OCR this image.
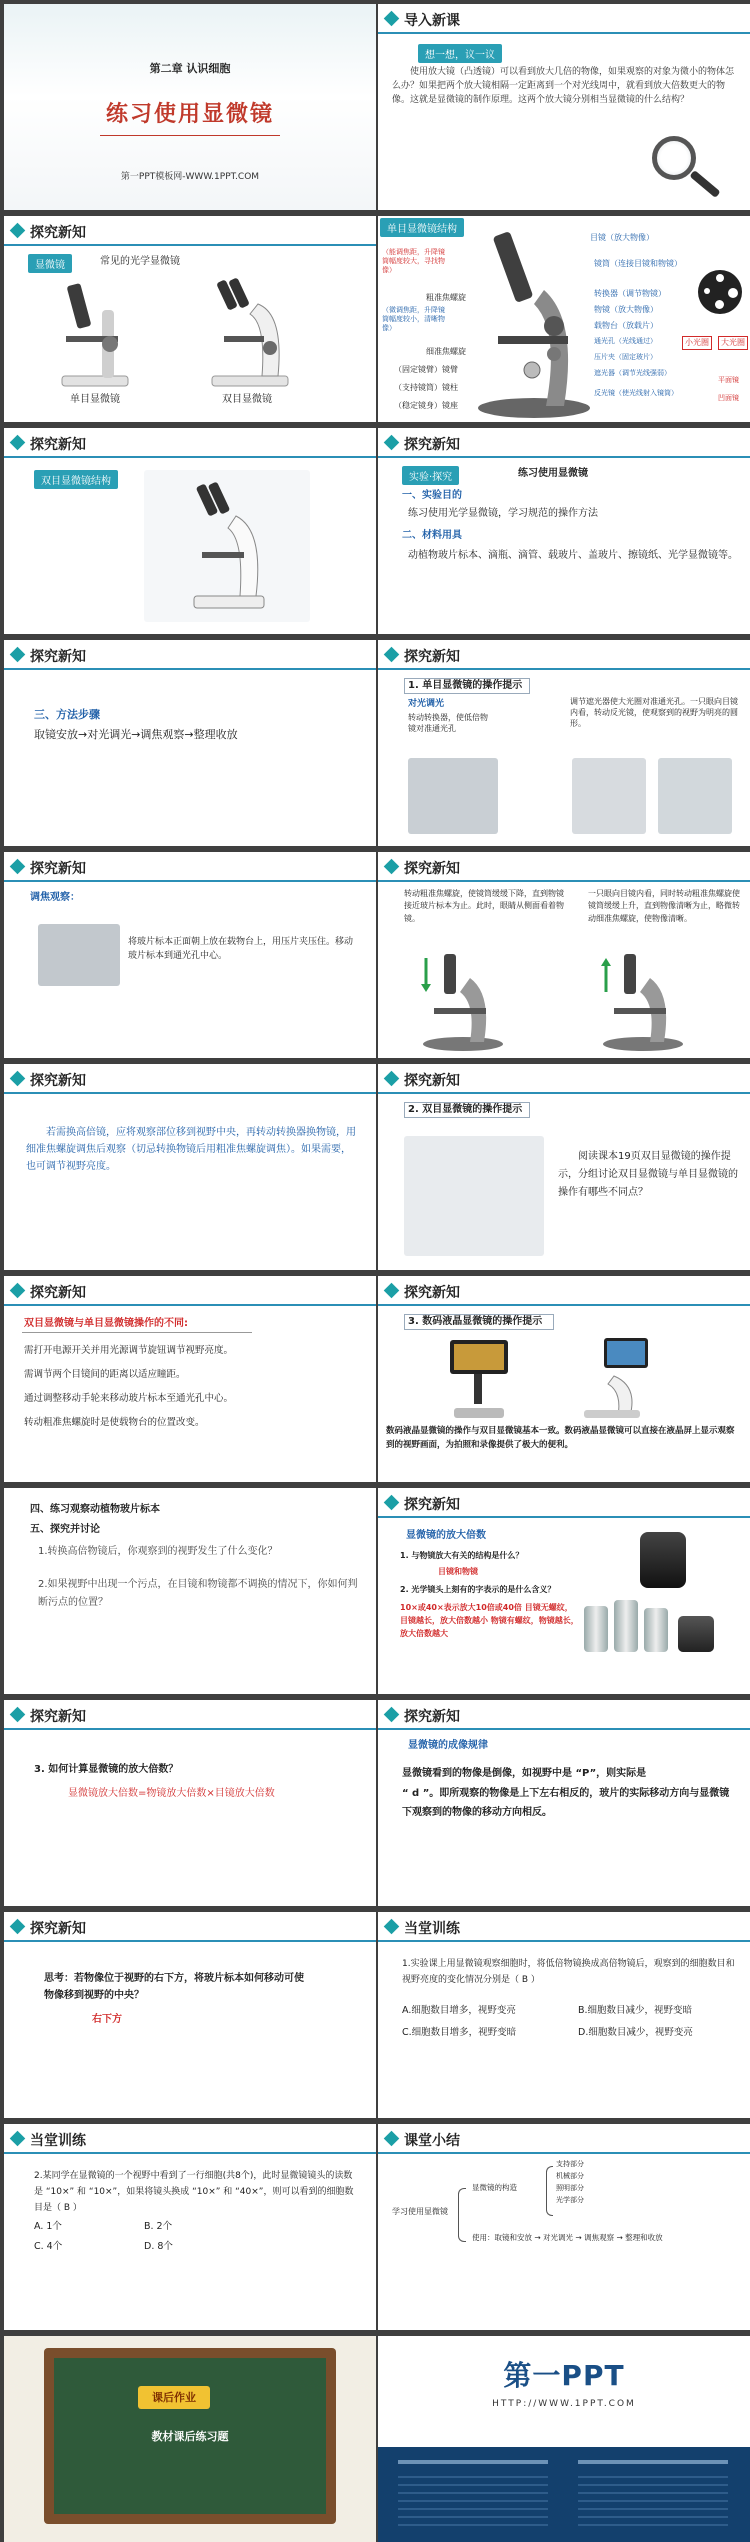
第二章 认识细胞
练习使用显微镜
第一PPT模板网-WWW.1PPT.COM
导入新课
想一想，议一议
使用放大镜（凸透镜）可以看到放大几倍的物像，如果观察的对象为微小的物体怎么办？如果把两个放大镜相隔一定距离到一个对光线周中，就看到放大倍数更大的物像。这就是显微镜的制作原理。这两个放大镜分别相当显微镜的什么结构？
探究新知
显微镜	常见的光学显微镜
单目显微镜	双目显微镜
单目显微镜结构
（能调焦距，升降镜筒幅度较大，寻找物像）
粗准焦螺旋
（微调焦距，升降镜筒幅度较小，清晰物像）
细准焦螺旋
（固定镜臂）镜臂
（支持镜筒）镜柱
（稳定镜身）镜座
目镜（放大物像）
镜筒（连接目镜和物镜）
转换器（调节物镜）
物镜（放大物像）
载物台（放载片）
通光孔（光线通过）
压片夹（固定玻片）
遮光器（调节光线强弱）
反光镜（使光线射入镜筒）
小光圈	大光圈
平面镜
凹面镜
探究新知
双目显微镜结构
探究新知
实验·探究	练习使用显微镜
一、实验目的
练习使用光学显微镜，学习规范的操作方法
二、材料用具
动植物玻片标本、滴瓶、滴管、载玻片、盖玻片、擦镜纸、光学显微镜等。
探究新知
三、方法步骤
取镜安放→对光调光→调焦观察→整理收放
探究新知
1. 单目显微镜的操作提示
对光调光
转动转换器，使低倍物镜对准通光孔
调节遮光器使大光圈对准通光孔。一只眼向目镜内看，转动反光镜，使观察到的视野为明亮的圆形。
探究新知
调焦观察：
将玻片标本正面朝上放在载物台上，用压片夹压住。移动玻片标本到通光孔中心。
探究新知
转动粗准焦螺旋，使镜筒缓缓下降，直到物镜接近玻片标本为止。此时，眼睛从侧面看着物镜。
一只眼向目镜内看，同时转动粗准焦螺旋使镜筒缓缓上升，直到物像清晰为止，略微转动细准焦螺旋，使物像清晰。
探究新知
若需换高倍镜，应将观察部位移到视野中央，再转动转换器换物镜，用细准焦螺旋调焦后观察（切忌转换物镜后用粗准焦螺旋调焦）。如果需要，也可调节视野亮度。
探究新知
2. 双目显微镜的操作提示
阅读课本19页双目显微镜的操作提示，分组讨论双目显微镜与单目显微镜的操作有哪些不同点？
探究新知
双目显微镜与单目显微镜操作的不同:
需打开电源开关并用光源调节旋钮调节视野亮度。
需调节两个目镜间的距离以适应瞳距。
通过调整移动手轮来移动玻片标本至通光孔中心。
转动粗准焦螺旋时是使载物台的位置改变。
探究新知
3. 数码液晶显微镜的操作提示
数码液晶显微镜的操作与双目显微镜基本一致。数码液晶显微镜可以直接在液晶屏上显示观察到的视野画面，为拍照和录像提供了极大的便利。
四、练习观察动植物玻片标本
五、探究并讨论
1.转换高倍物镜后，你观察到的视野发生了什么变化？
2.如果视野中出现一个污点，在目镜和物镜都不调换的情况下，你如何判断污点的位置？
探究新知
显微镜的放大倍数
1. 与物镜放大有关的结构是什么？
目镜和物镜
2. 光学镜头上刻有的字表示的是什么含义？
10×或40×表示放大10倍或40倍 目镜无螺纹，目镜越长，放大倍数越小 物镜有螺纹，物镜越长，放大倍数越大
探究新知
3. 如何计算显微镜的放大倍数？
显微镜放大倍数=物镜放大倍数×目镜放大倍数
探究新知
显微镜的成像规律
显微镜看到的物像是倒像，如视野中是 “P”，则实际是
“ d ”。即所观察的物像是上下左右相反的，玻片的实际移动方向与显微镜下观察到的物像的移动方向相反。
探究新知
思考：若物像位于视野的右下方，将玻片标本如何移动可使物像移到视野的中央？
右下方
当堂训练
1.实验课上用显微镜观察细胞时，将低倍物镜换成高倍物镜后，观察到的细胞数目和视野亮度的变化情况分别是（ B ）
A.细胞数目增多，视野变亮	B.细胞数目减少，视野变暗
C.细胞数目增多，视野变暗	D.细胞数目减少，视野变亮
当堂训练
2.某同学在显微镜的一个视野中看到了一行细胞(共8个)，此时显微镜镜头的读数是 “10×” 和 “10×”，如果将镜头换成 “10×” 和 “40×”，则可以看到的细胞数目是（ B ）
A. 1个	B. 2个
C. 4个	D. 8个
课堂小结
学习使用显微镜
显微镜的构造
支持部分
机械部分
照明部分
光学部分
使用：取镜和安放 → 对光调光 → 调焦观察 → 整理和收放
课后作业
教材课后练习题
第一PPT
HTTP://WWW.1PPT.COM
